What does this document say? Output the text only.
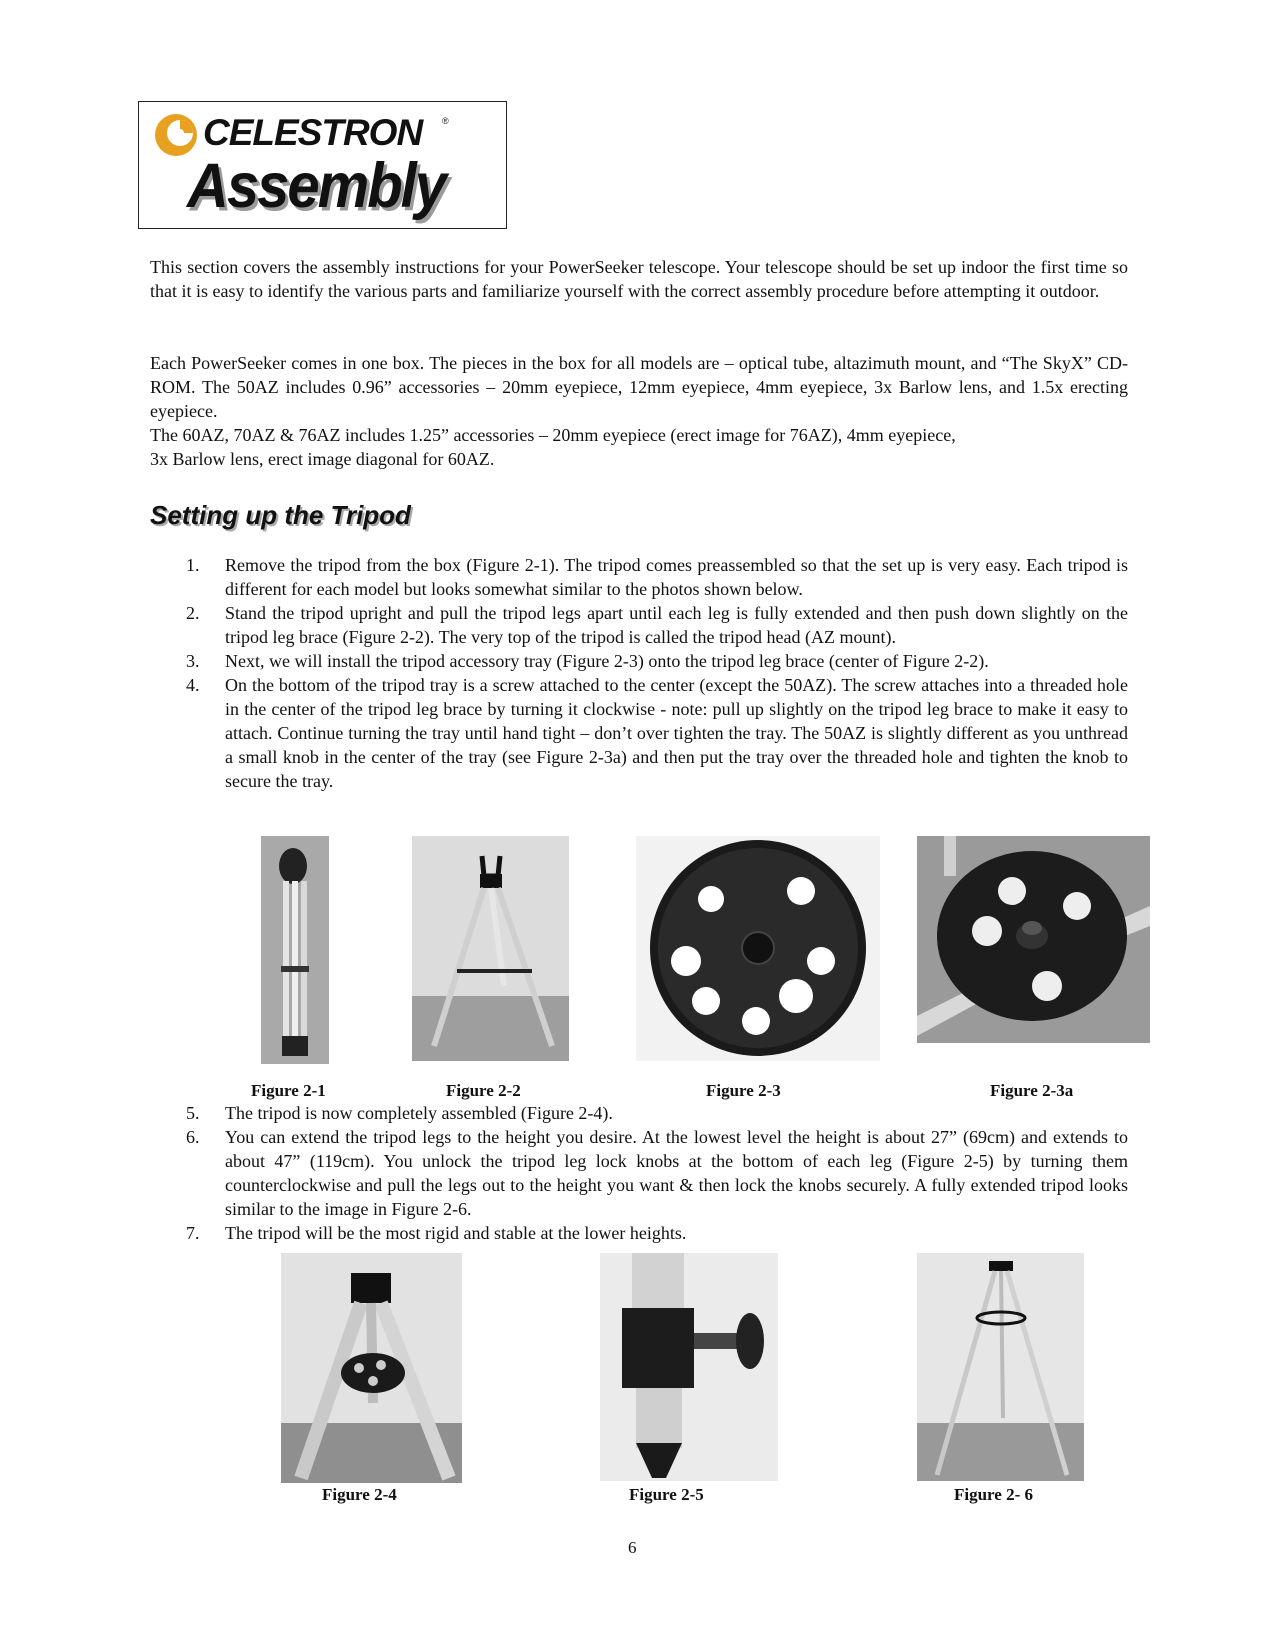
CELESTRON ®
Assembly

This section covers the assembly instructions for your PowerSeeker telescope. Your telescope should be set up indoor the first time so that it is easy to identify the various parts and familiarize yourself with the correct assembly procedure before attempting it outdoor.

Each PowerSeeker comes in one box. The pieces in the box for all models are – optical tube, altazimuth mount, and “The SkyX” CD-ROM. The 50AZ includes 0.96” accessories – 20mm eyepiece, 12mm eyepiece, 4mm eyepiece, 3x Barlow lens, and 1.5x erecting eyepiece.

The 60AZ, 70AZ & 76AZ includes 1.25” accessories – 20mm eyepiece (erect image for 76AZ), 4mm eyepiece,

3x Barlow lens, erect image diagonal for 60AZ.

Setting up the Tripod
1. Remove the tripod from the box (Figure 2-1). The tripod comes preassembled so that the set up is very easy. Each tripod is different for each model but looks somewhat similar to the photos shown below.
2. Stand the tripod upright and pull the tripod legs apart until each leg is fully extended and then push down slightly on the tripod leg brace (Figure 2-2). The very top of the tripod is called the tripod head (AZ mount).
3. Next, we will install the tripod accessory tray (Figure 2-3) onto the tripod leg brace (center of Figure 2-2).
4. On the bottom of the tripod tray is a screw attached to the center (except the 50AZ). The screw attaches into a threaded hole in the center of the tripod leg brace by turning it clockwise - note: pull up slightly on the tripod leg brace to make it easy to attach. Continue turning the tray until hand tight – don’t over tighten the tray. The 50AZ is slightly different as you unthread a small knob in the center of the tray (see Figure 2-3a) and then put the tray over the threaded hole and tighten the knob to secure the tray.
Figure 2-1	Figure 2-2	Figure 2-3	Figure 2-3a
5. The tripod is now completely assembled (Figure 2-4).
6. You can extend the tripod legs to the height you desire. At the lowest level the height is about 27” (69cm) and extends to about 47” (119cm). You unlock the tripod leg lock knobs at the bottom of each leg (Figure 2-5) by turning them counterclockwise and pull the legs out to the height you want & then lock the knobs securely. A fully extended tripod looks similar to the image in Figure 2-6.
7. The tripod will be the most rigid and stable at the lower heights.
Figure 2-4	Figure 2-5	Figure 2- 6
6
